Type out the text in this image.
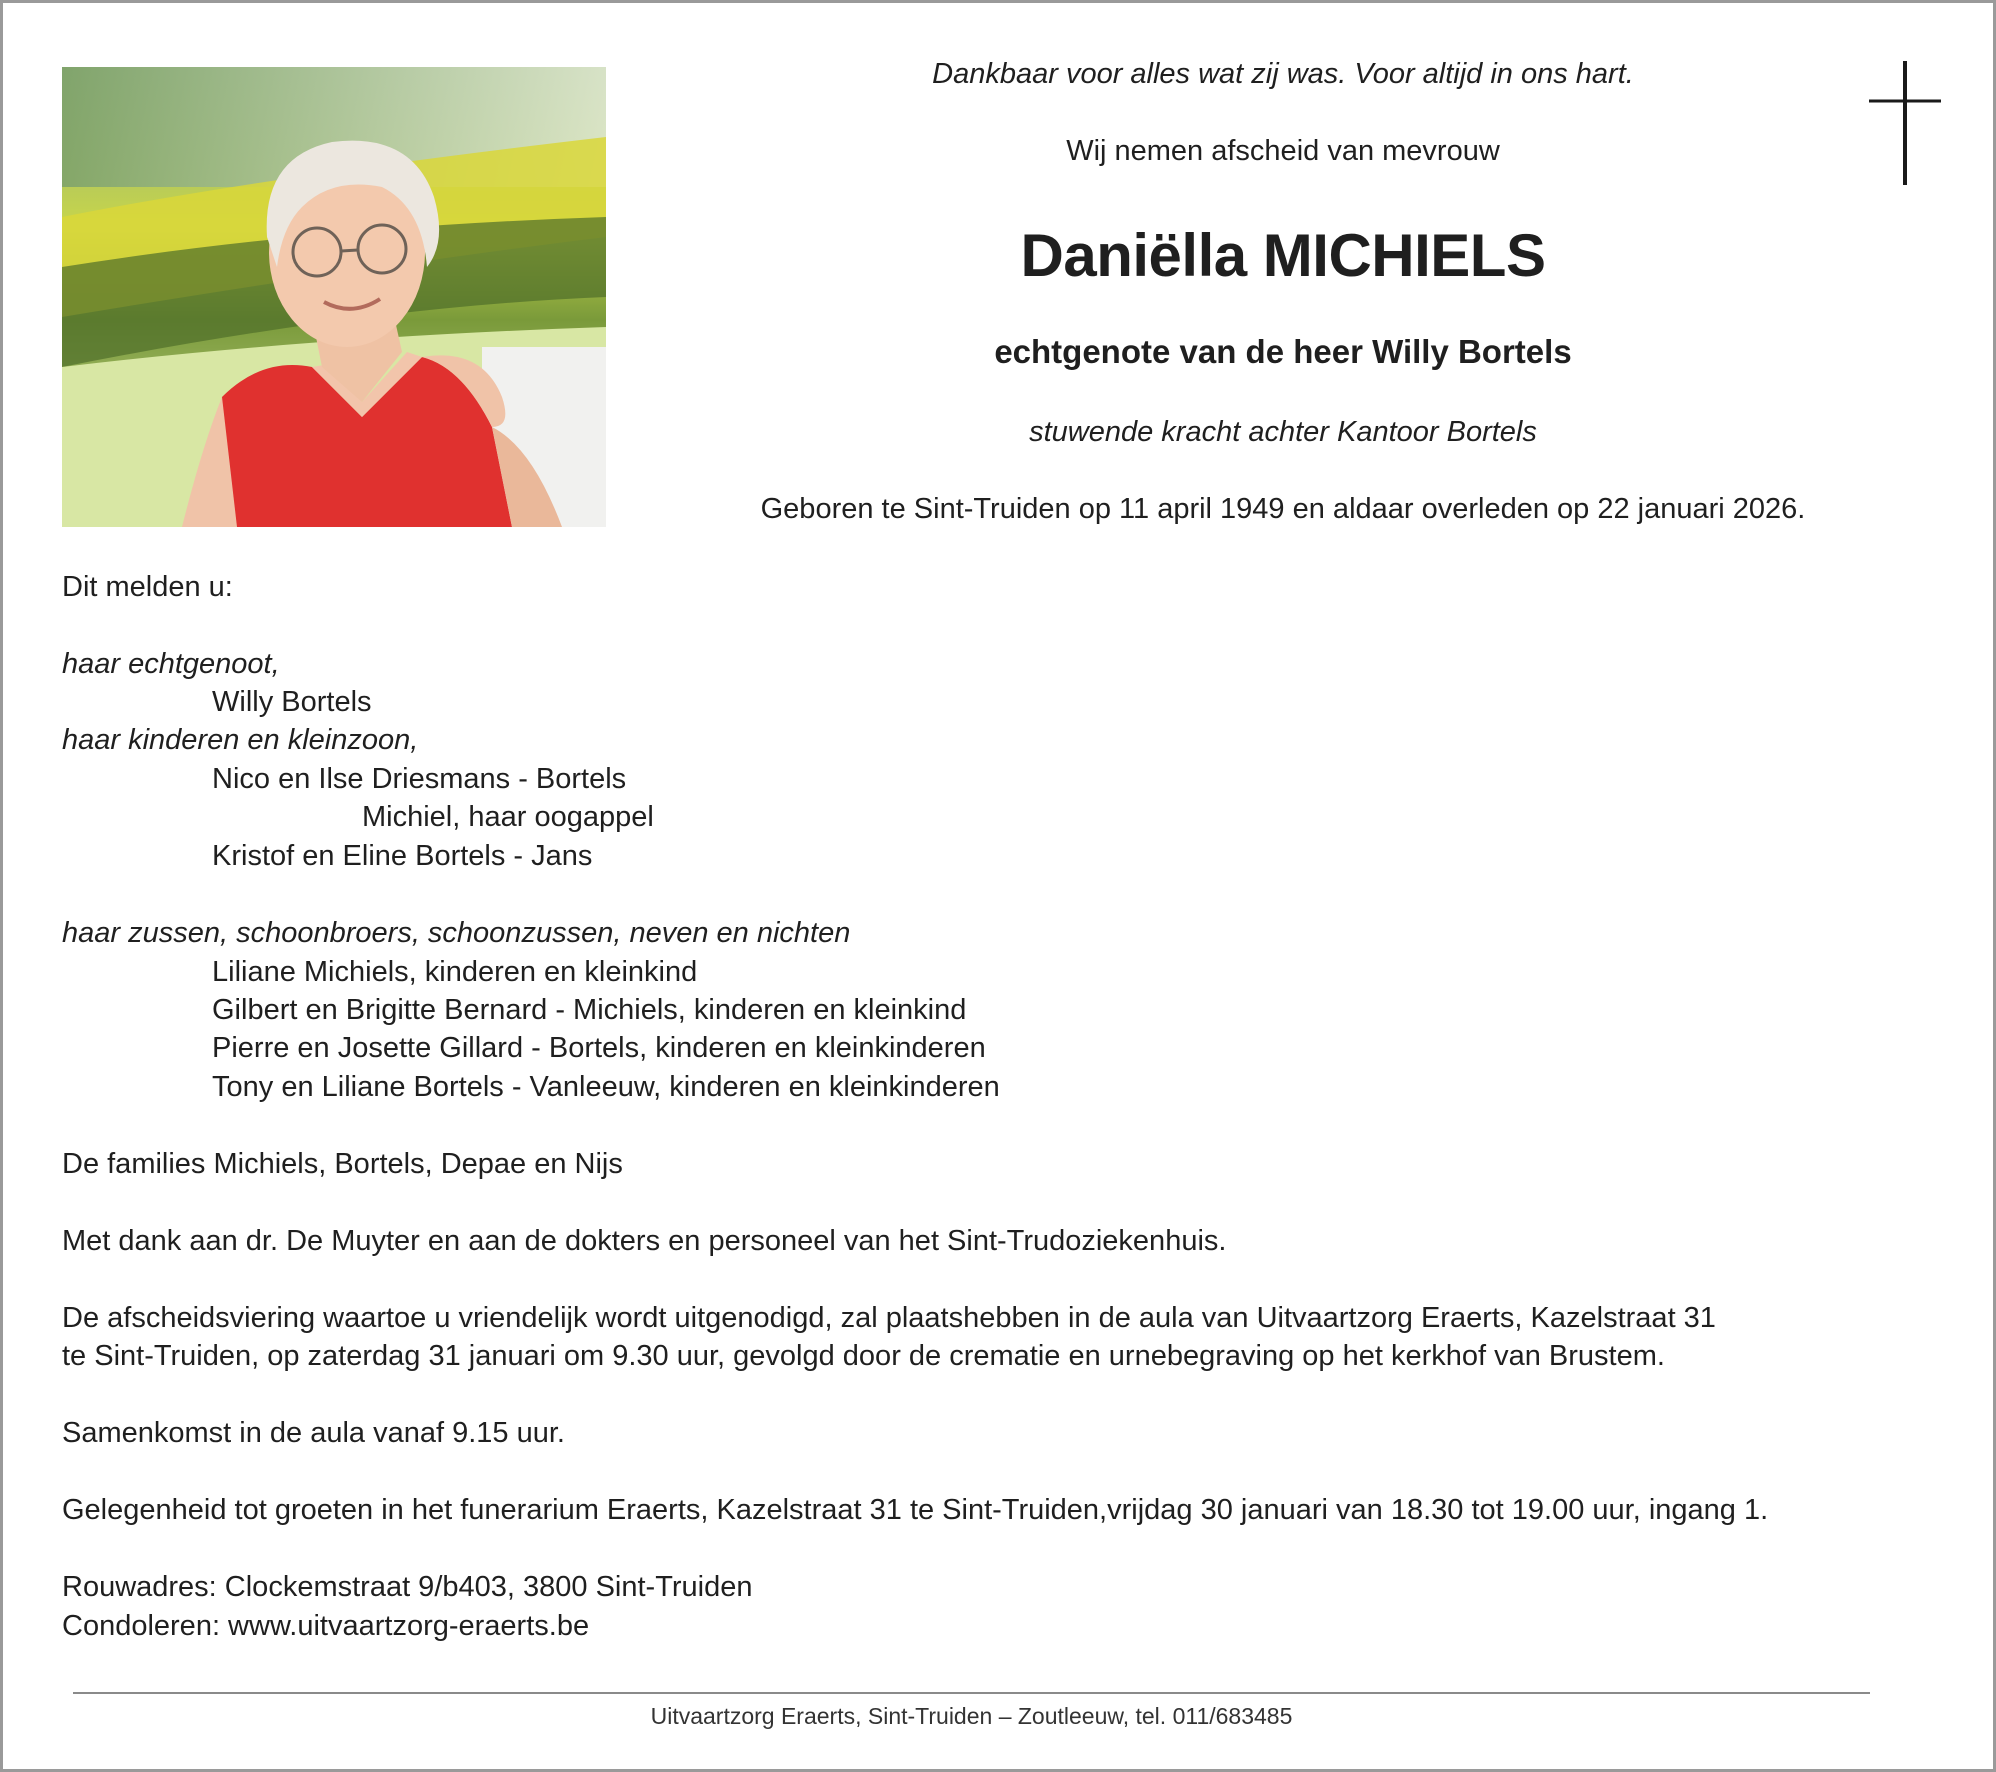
Dankbaar voor alles wat zij was. Voor altijd in ons hart.
Wij nemen afscheid van mevrouw
Daniëlla MICHIELS
echtgenote van de heer Willy Bortels
stuwende kracht achter Kantoor Bortels
Geboren te Sint-Truiden op 11 april 1949 en aldaar overleden op 22 januari 2026.
Dit melden u:
haar echtgenoot,
Willy Bortels
haar kinderen en kleinzoon,
Nico en Ilse Driesmans - Bortels
Michiel, haar oogappel
Kristof en Eline Bortels - Jans
haar zussen, schoonbroers, schoonzussen, neven en nichten
Liliane Michiels, kinderen en kleinkind
Gilbert en Brigitte Bernard - Michiels, kinderen en kleinkind
Pierre en Josette Gillard - Bortels, kinderen en kleinkinderen
Tony en Liliane Bortels - Vanleeuw, kinderen en kleinkinderen
De families Michiels, Bortels, Depae en Nijs
Met dank aan dr. De Muyter en aan de dokters en personeel van het Sint-Trudoziekenhuis.
De afscheidsviering waartoe u vriendelijk wordt uitgenodigd, zal plaatshebben in de aula van Uitvaartzorg Eraerts, Kazelstraat 31
te Sint-Truiden, op zaterdag 31 januari om 9.30 uur, gevolgd door de crematie en urnebegraving op het kerkhof van Brustem.
Samenkomst in de aula vanaf 9.15 uur.
Gelegenheid tot groeten in het funerarium Eraerts, Kazelstraat 31 te Sint-Truiden,vrijdag 30 januari van 18.30 tot 19.00 uur, ingang 1.
Rouwadres: Clockemstraat 9/b403, 3800 Sint-Truiden
Condoleren: www.uitvaartzorg-eraerts.be
Uitvaartzorg Eraerts, Sint-Truiden – Zoutleeuw, tel. 011/683485
